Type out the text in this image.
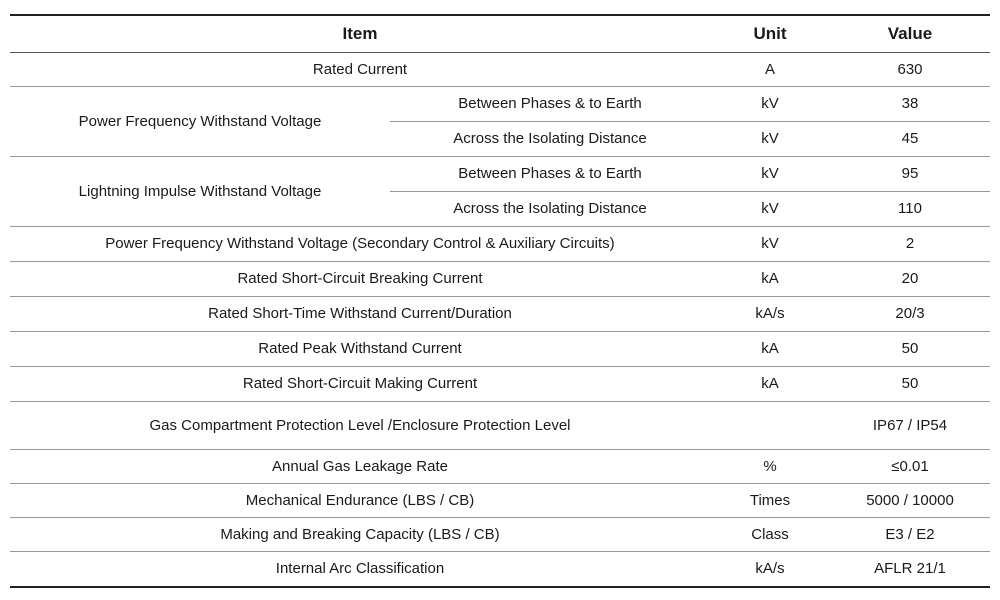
Item		Unit	Value
Rated Current		A	630
Power Frequency Withstand Voltage	Between Phases & to Earth	kV	38
	Across the Isolating Distance	kV	45
Lightning Impulse Withstand Voltage	Between Phases & to Earth	kV	95
	Across the Isolating Distance	kV	110
Power Frequency Withstand Voltage (Secondary Control & Auxiliary Circuits)		kV	2
Rated Short-Circuit Breaking Current		kA	20
Rated Short-Time Withstand Current/Duration		kA/s	20/3
Rated Peak Withstand Current		kA	50
Rated Short-Circuit Making Current		kA	50
Gas Compartment Protection Level /Enclosure Protection Level			IP67 / IP54
Annual Gas Leakage Rate		%	≤0.01
Mechanical Endurance (LBS / CB)		Times	5000 / 10000
Making and Breaking Capacity (LBS / CB)		Class	E3 / E2
Internal Arc Classification		kA/s	AFLR 21/1
